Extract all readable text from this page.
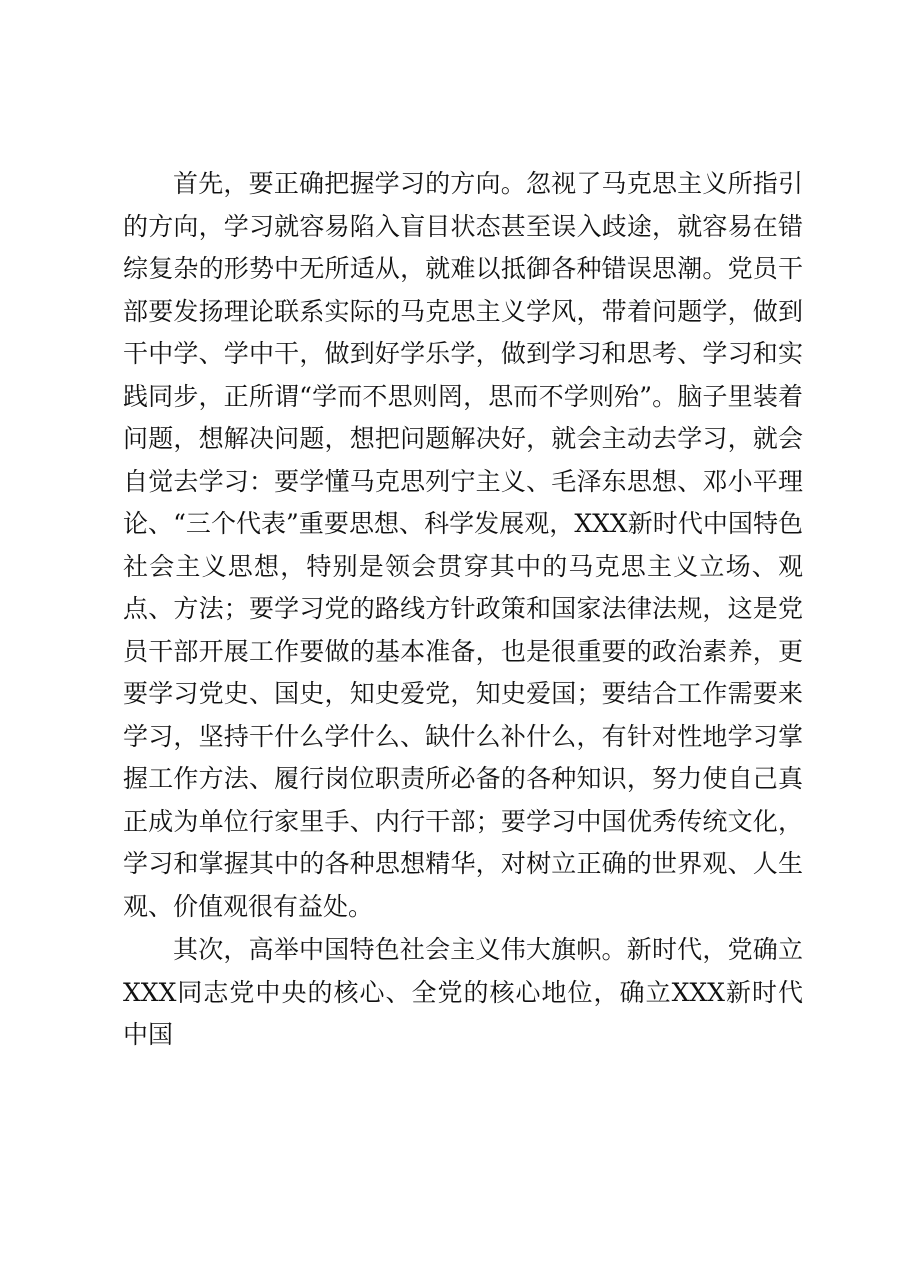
首先，要正确把握学习的方向。忽视了马克思主义所指引的方向，学习就容易陷入盲目状态甚至误入歧途，就容易在错综复杂的形势中无所适从，就难以抵御各种错误思潮。党员干部要发扬理论联系实际的马克思主义学风，带着问题学，做到干中学、学中干，做到好学乐学，做到学习和思考、学习和实践同步，正所谓“学而不思则罔，思而不学则殆”。脑子里装着问题，想解决问题，想把问题解决好，就会主动去学习，就会自觉去学习：要学懂马克思列宁主义、毛泽东思想、邓小平理论、“三个代表”重要思想、科学发展观，XXX新时代中国特色社会主义思想，特别是领会贯穿其中的马克思主义立场、观点、方法；要学习党的路线方针政策和国家法律法规，这是党员干部开展工作要做的基本准备，也是很重要的政治素养，更要学习党史、国史，知史爱党，知史爱国；要结合工作需要来学习，坚持干什么学什么、缺什么补什么，有针对性地学习掌握工作方法、履行岗位职责所必备的各种知识，努力使自己真正成为单位行家里手、内行干部；要学习中国优秀传统文化，学习和掌握其中的各种思想精华，对树立正确的世界观、人生观、价值观很有益处。

其次，高举中国特色社会主义伟大旗帜。新时代，党确立XXX同志党中央的核心、全党的核心地位，确立XXX新时代中国
